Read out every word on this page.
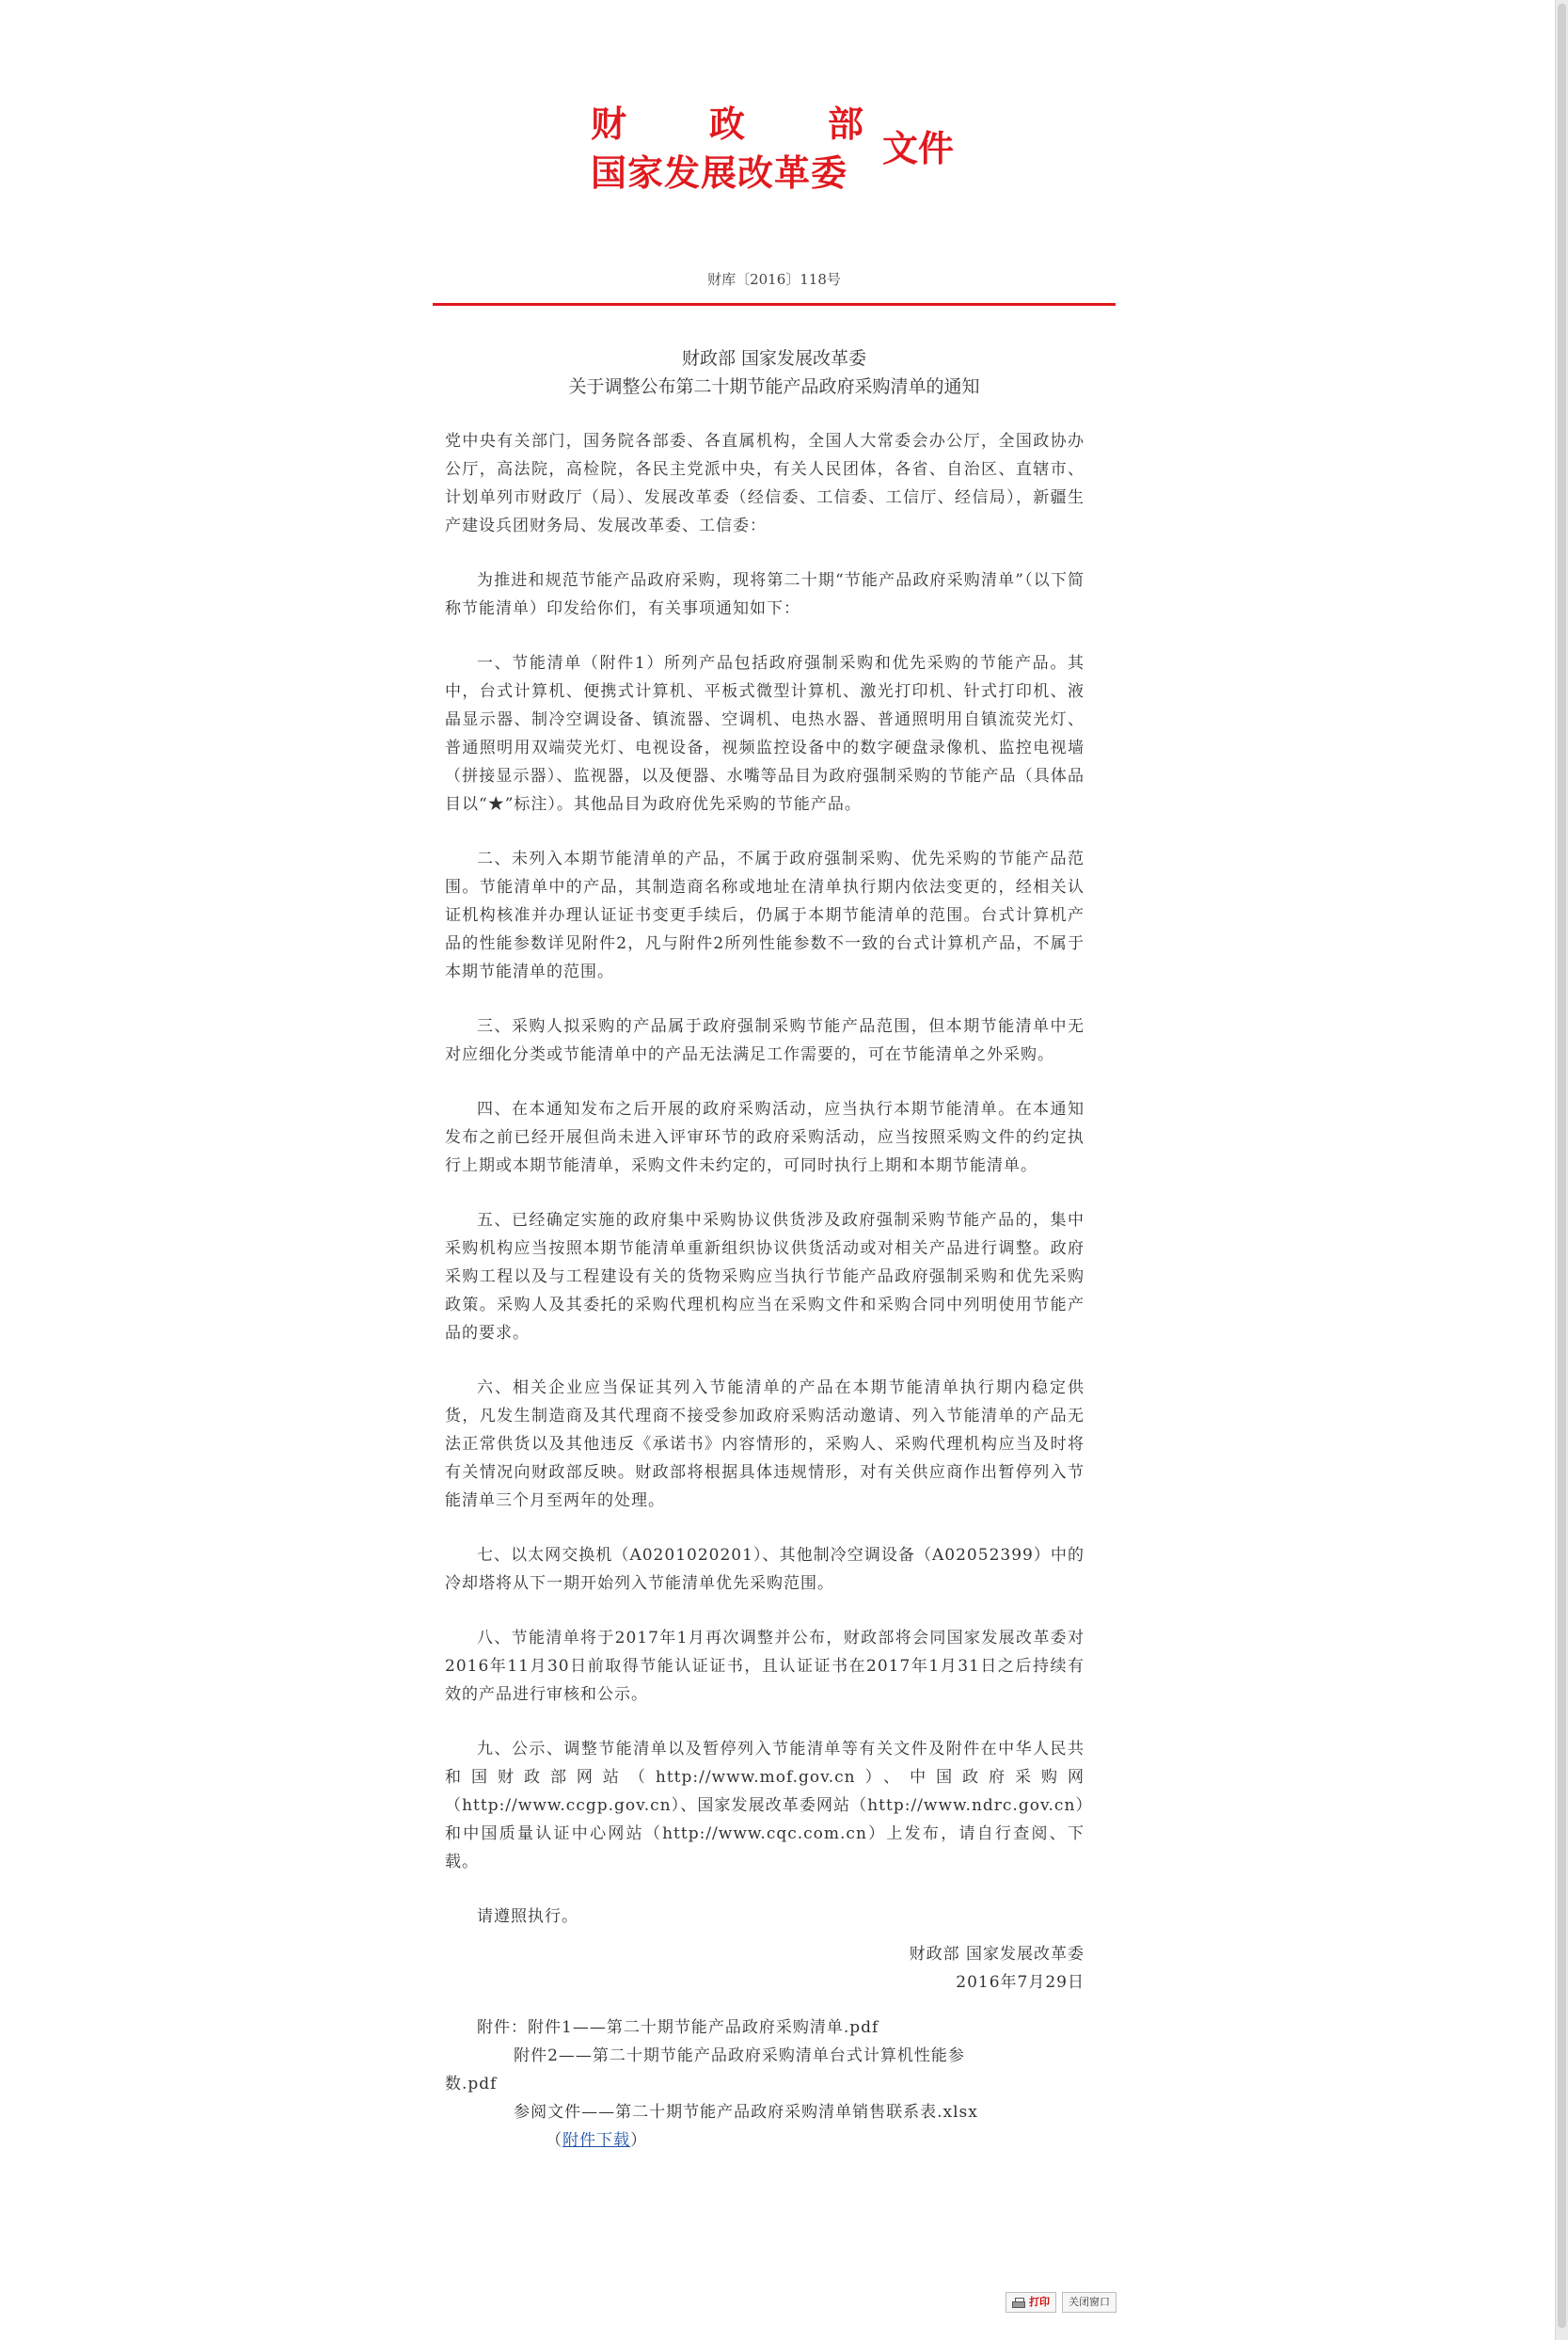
财 政 部
国家发展改革委
文件
财库〔2016〕118号
财政部 国家发展改革委
关于调整公布第二十期节能产品政府采购清单的通知

党中央有关部门，国务院各部委、各直属机构，全国人大常委会办公厅，全国政协办公厅，高法院，高检院，各民主党派中央，有关人民团体，各省、自治区、直辖市、计划单列市财政厅（局）、发展改革委（经信委、工信委、工信厅、经信局），新疆生产建设兵团财务局、发展改革委、工信委：

为推进和规范节能产品政府采购，现将第二十期“节能产品政府采购清单”（以下简称节能清单）印发给你们，有关事项通知如下：

一、节能清单（附件1）所列产品包括政府强制采购和优先采购的节能产品。其中，台式计算机、便携式计算机、平板式微型计算机、激光打印机、针式打印机、液晶显示器、制冷空调设备、镇流器、空调机、电热水器、普通照明用自镇流荧光灯、普通照明用双端荧光灯、电视设备，视频监控设备中的数字硬盘录像机、监控电视墙（拼接显示器）、监视器，以及便器、水嘴等品目为政府强制采购的节能产品（具体品目以“★”标注）。其他品目为政府优先采购的节能产品。

二、未列入本期节能清单的产品，不属于政府强制采购、优先采购的节能产品范围。节能清单中的产品，其制造商名称或地址在清单执行期内依法变更的，经相关认证机构核准并办理认证证书变更手续后，仍属于本期节能清单的范围。台式计算机产品的性能参数详见附件2，凡与附件2所列性能参数不一致的台式计算机产品，不属于本期节能清单的范围。

三、采购人拟采购的产品属于政府强制采购节能产品范围，但本期节能清单中无对应细化分类或节能清单中的产品无法满足工作需要的，可在节能清单之外采购。

四、在本通知发布之后开展的政府采购活动，应当执行本期节能清单。在本通知发布之前已经开展但尚未进入评审环节的政府采购活动，应当按照采购文件的约定执行上期或本期节能清单，采购文件未约定的，可同时执行上期和本期节能清单。

五、已经确定实施的政府集中采购协议供货涉及政府强制采购节能产品的，集中采购机构应当按照本期节能清单重新组织协议供货活动或对相关产品进行调整。政府采购工程以及与工程建设有关的货物采购应当执行节能产品政府强制采购和优先采购政策。采购人及其委托的采购代理机构应当在采购文件和采购合同中列明使用节能产品的要求。

六、相关企业应当保证其列入节能清单的产品在本期节能清单执行期内稳定供货，凡发生制造商及其代理商不接受参加政府采购活动邀请、列入节能清单的产品无法正常供货以及其他违反《承诺书》内容情形的，采购人、采购代理机构应当及时将有关情况向财政部反映。财政部将根据具体违规情形，对有关供应商作出暂停列入节能清单三个月至两年的处理。

七、以太网交换机（A0201020201）、其他制冷空调设备（A02052399）中的冷却塔将从下一期开始列入节能清单优先采购范围。

八、节能清单将于2017年1月再次调整并公布，财政部将会同国家发展改革委对2016年11月30日前取得节能认证证书，且认证证书在2017年1月31日之后持续有效的产品进行审核和公示。

九、公示、调整节能清单以及暂停列入节能清单等有关文件及附件在中华人民共和国财政部网站（http://www.mof.gov.cn）、中国政府采购网（http://www.ccgp.gov.cn）、国家发展改革委网站（http://www.ndrc.gov.cn）和中国质量认证中心网站（http://www.cqc.com.cn）上发布，请自行查阅、下载。

请遵照执行。

财政部 国家发展改革委
2016年7月29日
附件：附件1——第二十期节能产品政府采购清单.pdf
附件2——第二十期节能产品政府采购清单台式计算机性能参
数.pdf
参阅文件——第二十期节能产品政府采购清单销售联系表.xlsx
（附件下载）
打印 关闭窗口
